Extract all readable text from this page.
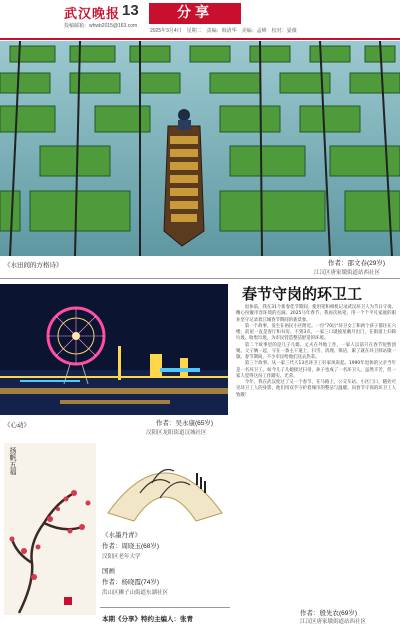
武汉晚报 13
投稿邮箱：whwb2015@163.com
分享
2025年3月4日　星期二　责编：韩清华　美编：孟峰　校对：晏薇
《水田间的方格诗》	作者：邵文春(29岁)
江汉区唐家墩街道站西社区
《心动》	作者：吴永康(65岁)
汉阳区龙阳街道汉城社区
扬帆五福
《水墨丹青》
作者：周晓玉(68岁)
汉阳区老年大学
国画
作者：杨晓霞(74岁)
洪山区狮子山街道东湖社区
春节守岗的环卫工

退休前，我在31个新春佳节期间，使用笔和相机记录武汉环卫人为节日守岗、精心扮靓市容环境的点滴。2025马年春节，我再次执笔，用一个个平凡家庭的职业坚守记录着江城春节期间的新景象。

第一个故事，发生在裕民小区附近。一位"70后"环卫女工和两个孩子都住在六楼，前屋一直是客厅和书房。不到3点，一家三口就披星戴月出门，在街道上扫除垃圾、收集垃圾，为市民营造整洁舒适的环境。

第二个故事里的是儿子儿媳。丈夫在外地工作，一家人以前只在春节短暂团聚。父子俩一起，守在一条主干道上，扫雪、清理、保洁，累了就在环卫驿站歇一歇。春节期间，不少市民给他们送去热茶。

第三个故事，从一家三代人13名环卫工好家风说起。1990年退休的父亲当年是一名环卫工，如今儿子儿媳接过扫帚，孙子也成了一名环卫人。虽然辛苦，但一家人觉得这份工作踏实、光荣。

今年，我在武汉度过了又一个春节，在马路上、公交车站、小区门口，随处可见环卫工人的身影，他们用双手守护着城市的整洁与温暖。向春节守岗的环卫工人致敬！

作者：殷先农(69岁)
江汉区唐家墩街道站西社区
本期《分享》特约主编人：张青
